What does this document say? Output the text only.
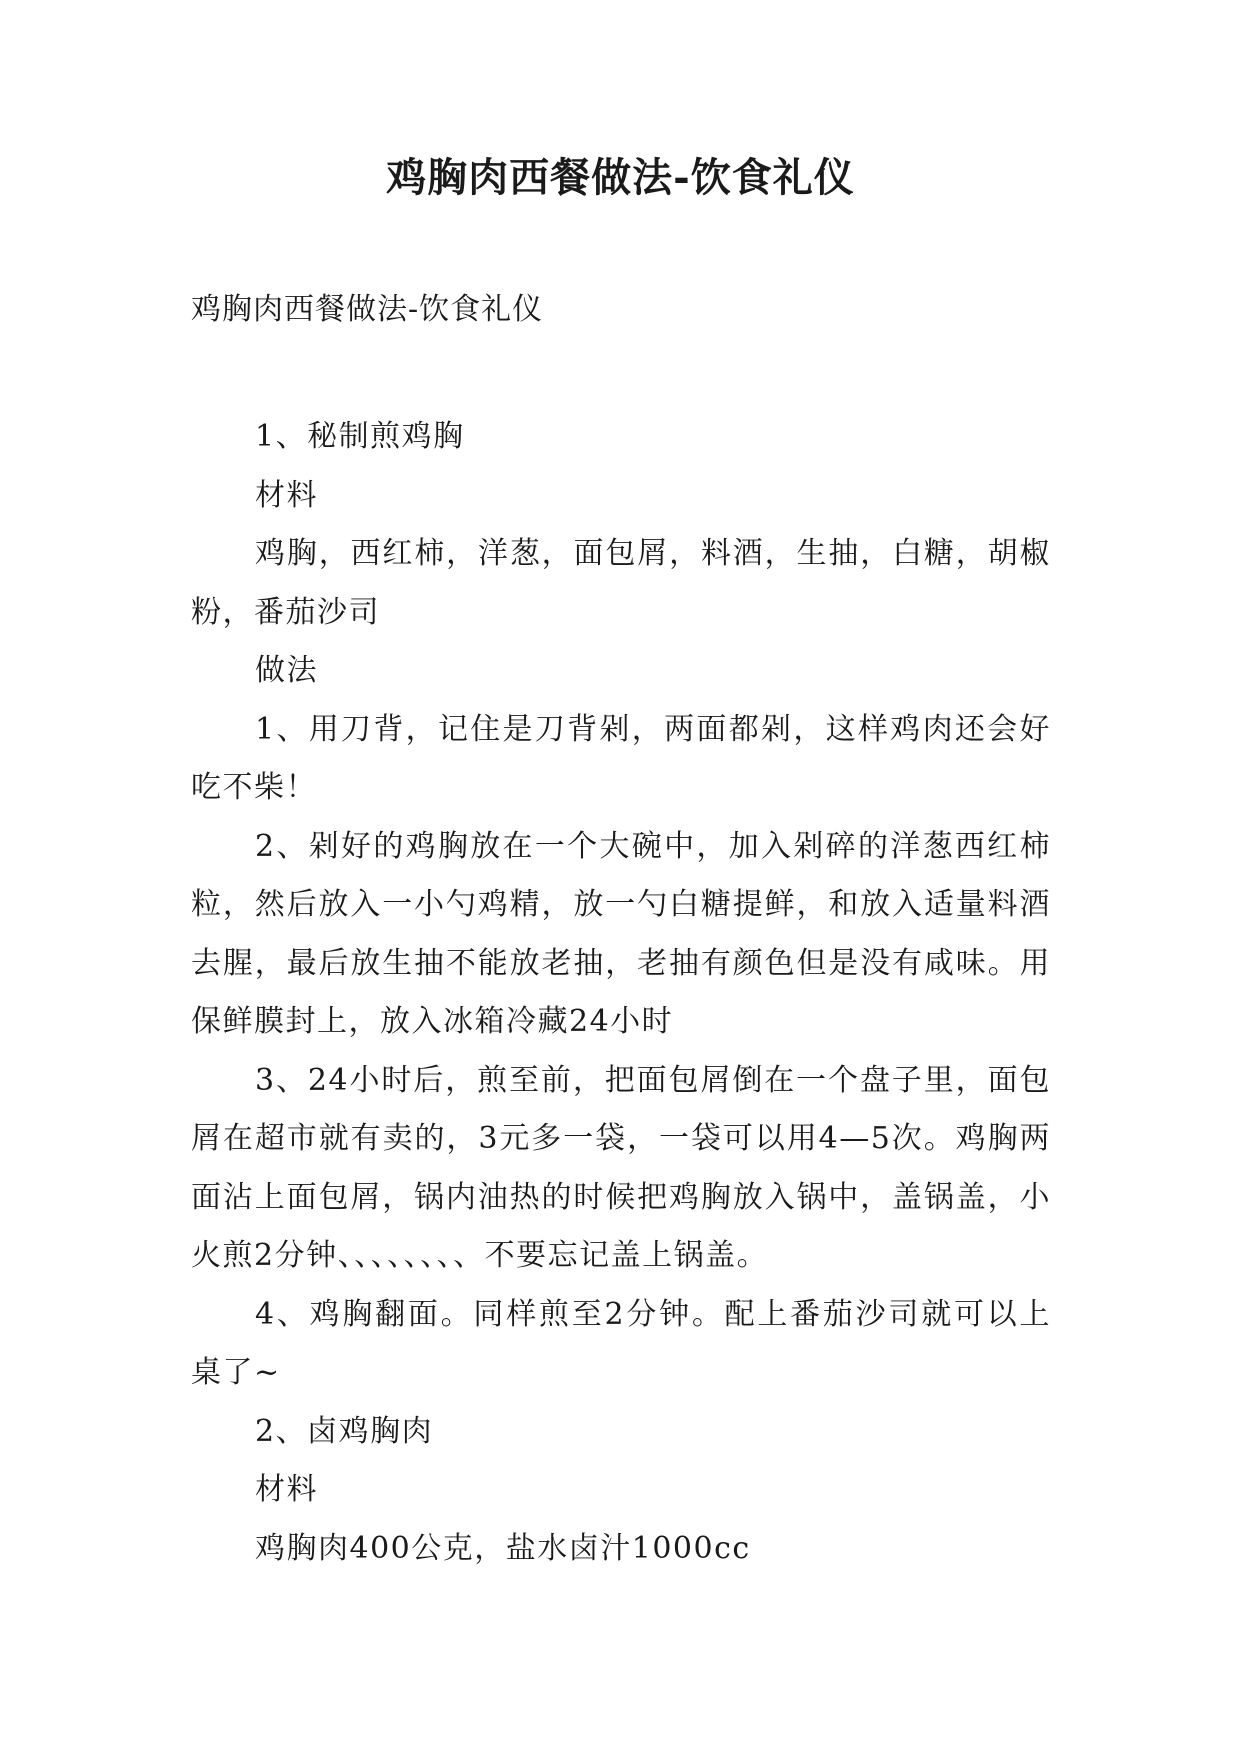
鸡胸肉西餐做法-饮食礼仪
鸡胸肉西餐做法-饮食礼仪

1、秘制煎鸡胸

材料

鸡胸，西红柿，洋葱，面包屑，料酒，生抽，白糖，胡椒粉，番茄沙司

做法

1、用刀背，记住是刀背剁，两面都剁，这样鸡肉还会好吃不柴！

2、剁好的鸡胸放在一个大碗中，加入剁碎的洋葱西红柿粒，然后放入一小勺鸡精，放一勺白糖提鲜，和放入适量料酒去腥，最后放生抽不能放老抽，老抽有颜色但是没有咸味。用保鲜膜封上，放入冰箱冷藏24小时

3、24小时后，煎至前，把面包屑倒在一个盘子里，面包屑在超市就有卖的，3元多一袋，一袋可以用4—5次。鸡胸两面沾上面包屑，锅内油热的时候把鸡胸放入锅中，盖锅盖，小火煎2分钟、、、、、、、、不要忘记盖上锅盖。

4、鸡胸翻面。同样煎至2分钟。配上番茄沙司就可以上桌了~

2、卤鸡胸肉

材料

鸡胸肉400公克，盐水卤汁1000cc
